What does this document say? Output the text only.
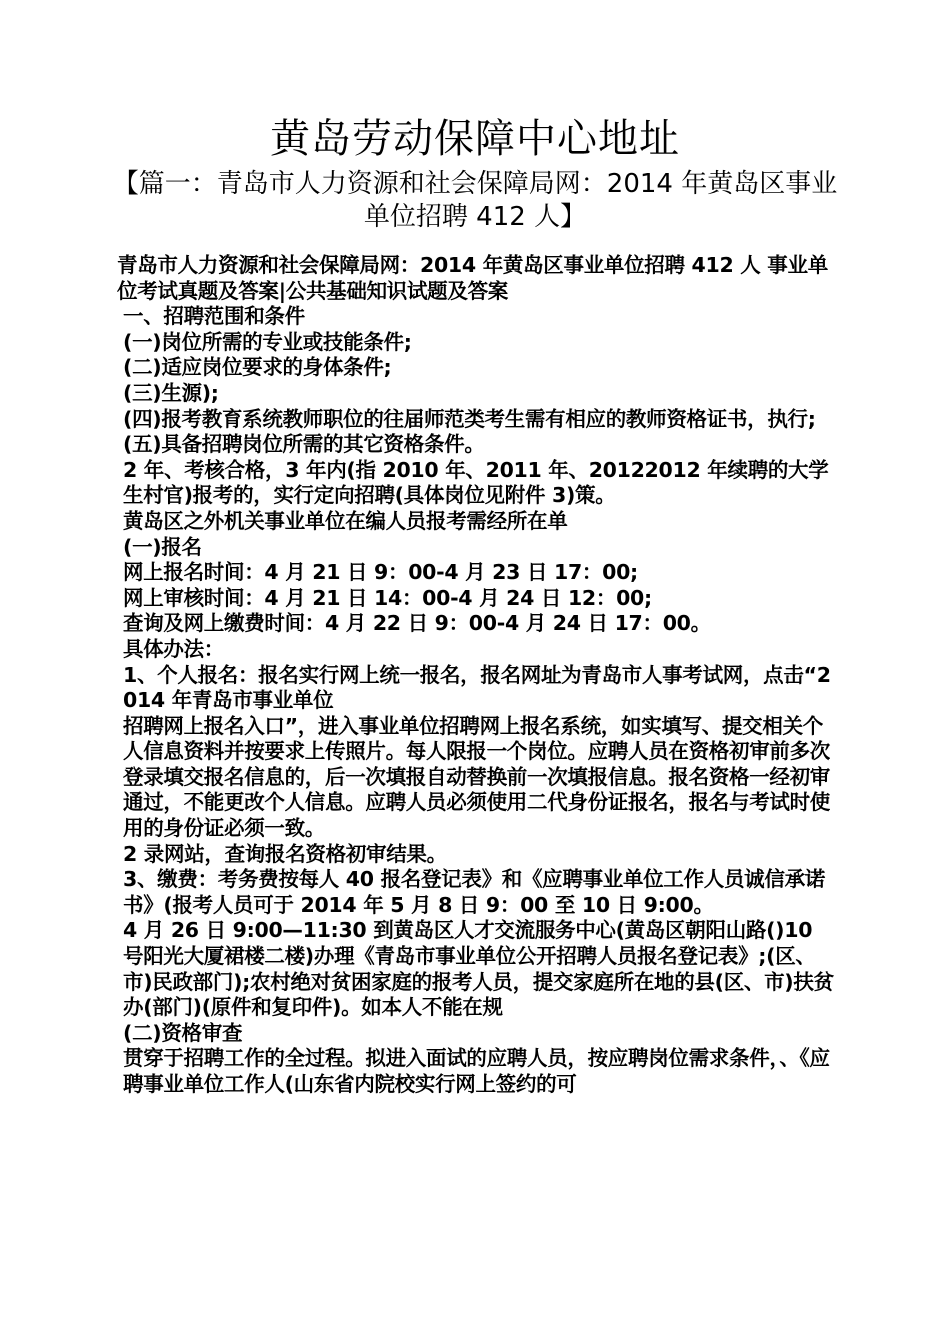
黄岛劳动保障中心地址
【篇一：青岛市人力资源和社会保障局网：2014 年黄岛区事业单位招聘 412 人】

青岛市人力资源和社会保障局网：2014 年黄岛区事业单位招聘 412 人 事业单位考试真题及答案|公共基础知识试题及答案

一、招聘范围和条件

(一)岗位所需的专业或技能条件;

(二)适应岗位要求的身体条件;

(三)生源);

(四)报考教育系统教师职位的往届师范类考生需有相应的教师资格证书，执行;

(五)具备招聘岗位所需的其它资格条件。

2 年、考核合格，3 年内(指 2010 年、2011 年、20122012 年续聘的大学生村官)报考的，实行定向招聘(具体岗位见附件 3)策。

黄岛区之外机关事业单位在编人员报考需经所在单

(一)报名

网上报名时间：4 月 21 日 9：00-4 月 23 日 17：00;

网上审核时间：4 月 21 日 14：00-4 月 24 日 12：00;

查询及网上缴费时间：4 月 22 日 9：00-4 月 24 日 17：00。

具体办法：

1、个人报名：报名实行网上统一报名，报名网址为青岛市人事考试网，点击“2014 年青岛市事业单位

招聘网上报名入口”，进入事业单位招聘网上报名系统，如实填写、提交相关个人信息资料并按要求上传照片。每人限报一个岗位。应聘人员在资格初审前多次登录填交报名信息的，后一次填报自动替换前一次填报信息。报名资格一经初审通过，不能更改个人信息。应聘人员必须使用二代身份证报名，报名与考试时使用的身份证必须一致。

2 录网站，查询报名资格初审结果。

3、缴费：考务费按每人 40 报名登记表》和《应聘事业单位工作人员诚信承诺书》(报考人员可于 2014 年 5 月 8 日 9：00 至 10 日 9:00。

4 月 26 日 9:00—11:30 到黄岛区人才交流服务中心(黄岛区朝阳山路()10 号阳光大厦裙楼二楼)办理《青岛市事业单位公开招聘人员报名登记表》;(区、市)民政部门);农村绝对贫困家庭的报考人员，提交家庭所在地的县(区、市)扶贫办(部门)(原件和复印件)。如本人不能在规

(二)资格审查

贯穿于招聘工作的全过程。拟进入面试的应聘人员，按应聘岗位需求条件，、《应聘事业单位工作人(山东省内院校实行网上签约的可
